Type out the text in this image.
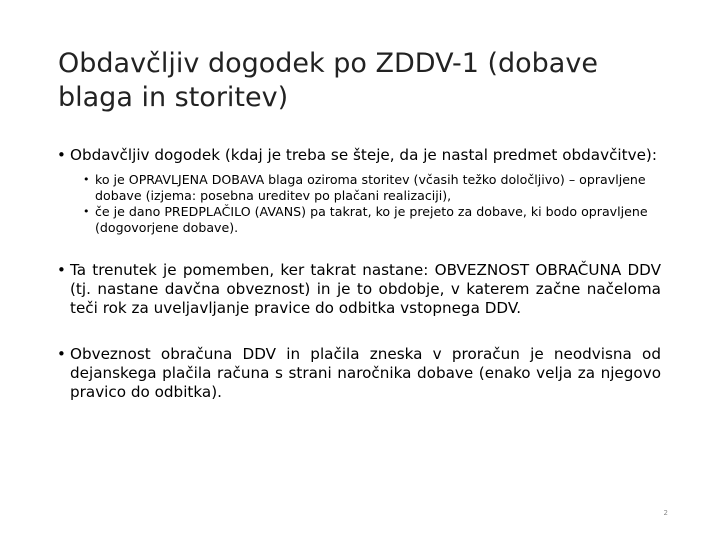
Obdavčljiv dogodek po ZDDV-1 (dobave blaga in storitev)
• Obdavčljiv dogodek (kdaj je treba se šteje, da je nastal predmet obdavčitve):
• ko je OPRAVLJENA DOBAVA blaga oziroma storitev (včasih težko določljivo) – opravljene dobave (izjema: posebna ureditev po plačani realizaciji),
• če je dano PREDPLAČILO (AVANS) pa takrat, ko je prejeto za dobave, ki bodo opravljene (dogovorjene dobave).
• Ta trenutek je pomemben, ker takrat nastane: OBVEZNOST OBRAČUNA DDV (tj. nastane davčna obveznost) in je to obdobje, v katerem začne načeloma teči rok za uveljavljanje pravice do odbitka vstopnega DDV.
• Obveznost obračuna DDV in plačila zneska v proračun je neodvisna od dejanskega plačila računa s strani naročnika dobave (enako velja za njegovo pravico do odbitka).
2
